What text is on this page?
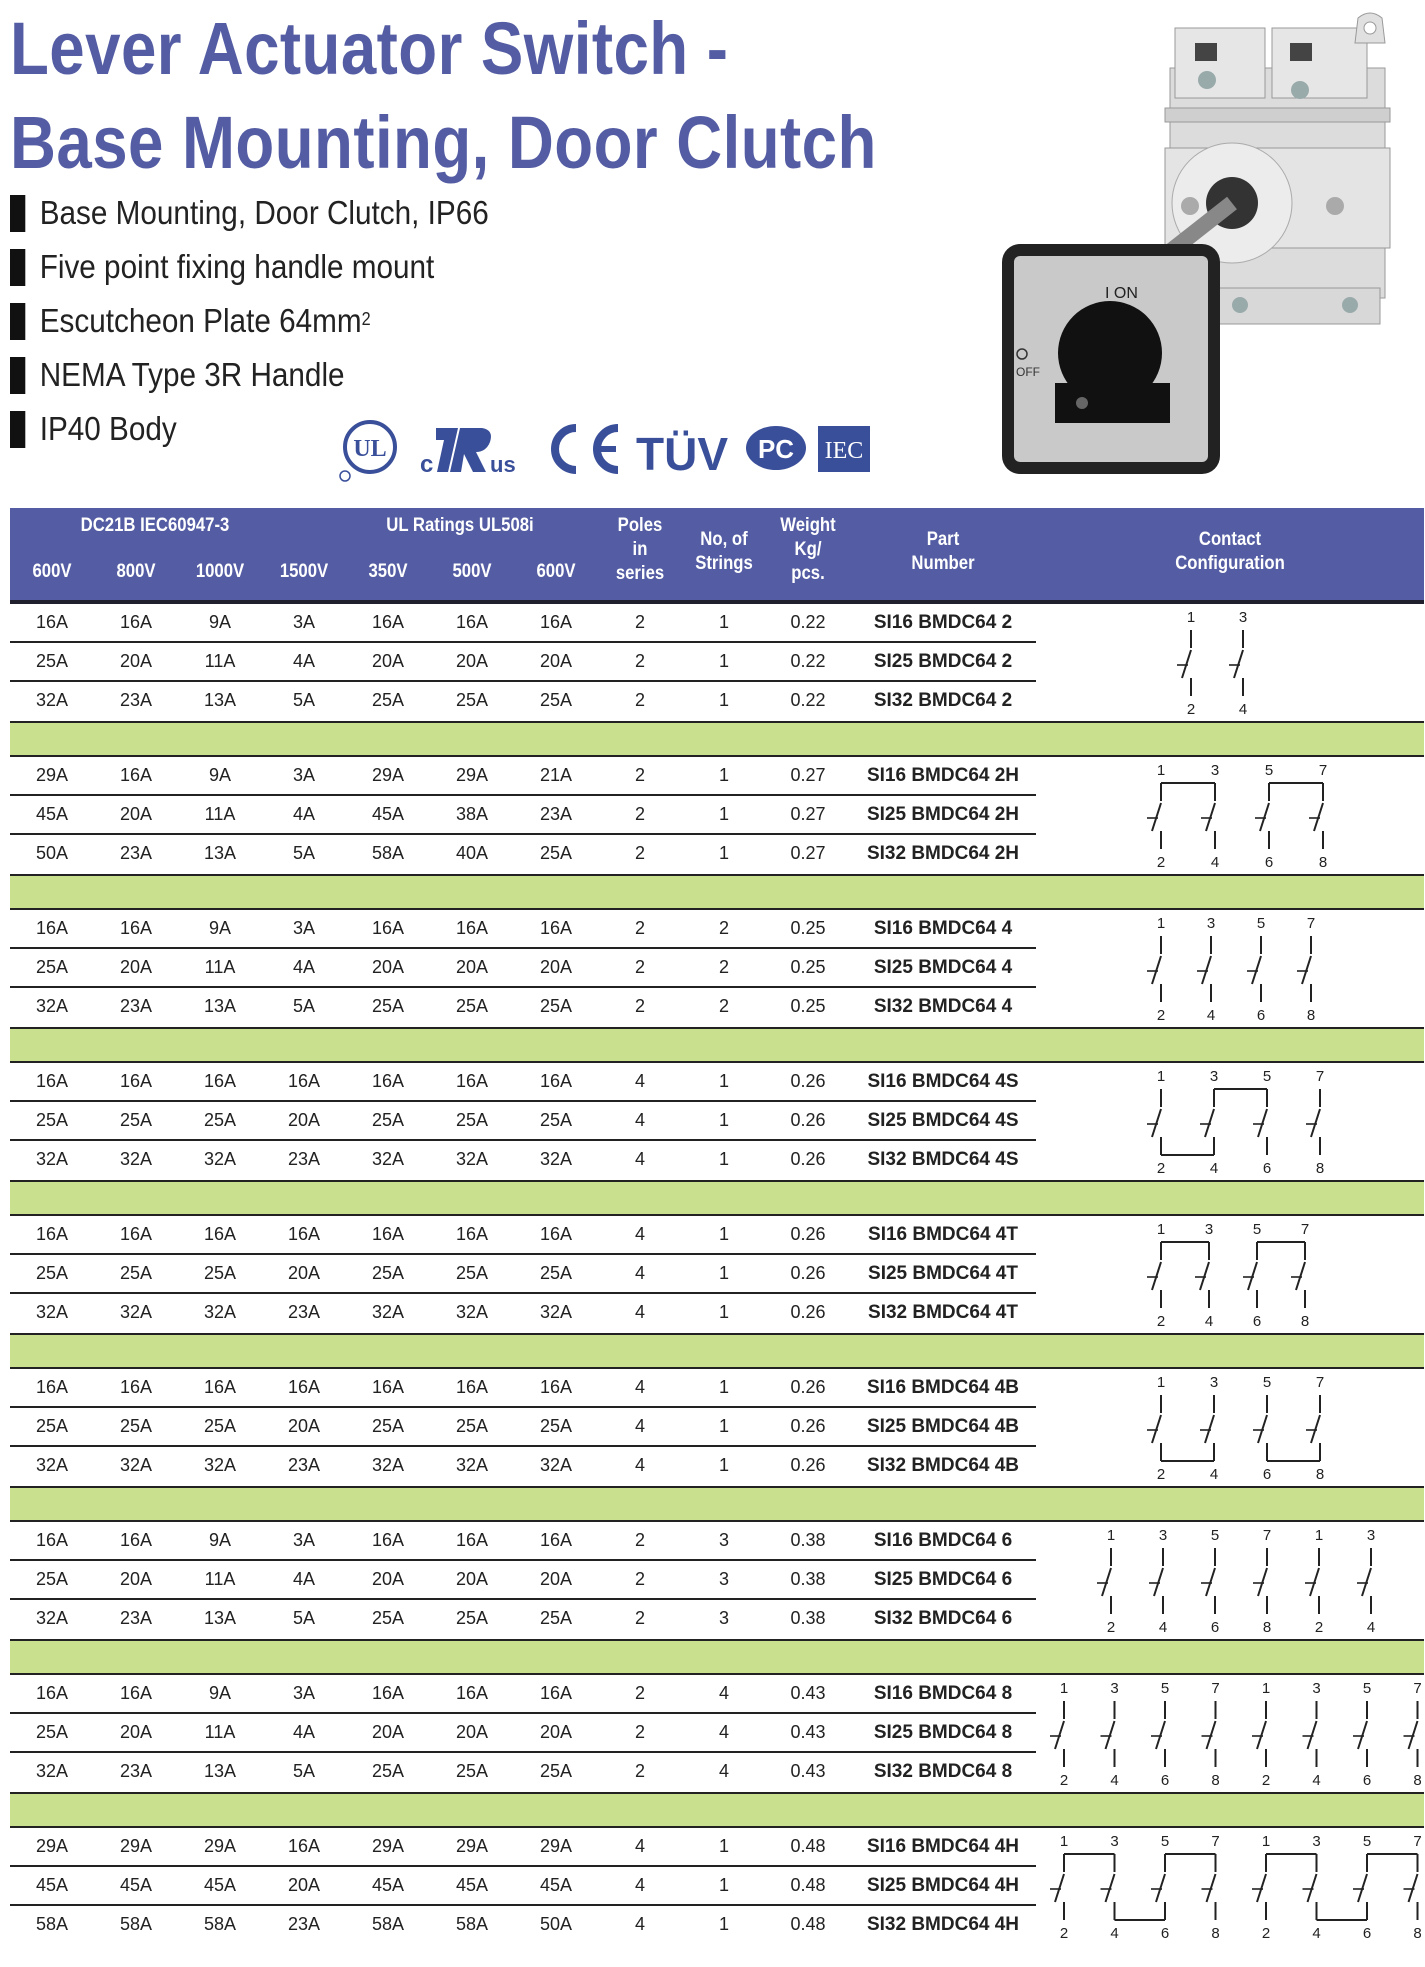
Lever Actuator Switch -
Base Mounting, Door Clutch
Base Mounting, Door Clutch, IP66
Five point fixing handle mount
Escutcheon Plate $64mm^2$
NEMA Type 3R Handle
IP40 Body
UL
c	us	TÜV PC IEC
I ON
OFF
DC21B IEC60947-3	UL Ratings UL508i
600V	800V	1000V	1500V	350V	500V	600V
Poles
in
series
No, of
Strings
Weight
Kg/
pcs.
Part
Number
Contact
Configuration
16A	16A	9A	3A	16A	16A	16A	2	1	0.22	SI16 BMDC64 2
25A	20A	11A	4A	20A	20A	20A	2	1	0.22	SI25 BMDC64 2
32A	23A	13A	5A	25A	25A	25A	2	1	0.22	SI32 BMDC64 2
1
2
3
4
29A	16A	9A	3A	29A	29A	21A	2	1	0.27	SI16 BMDC64 2H
45A	20A	11A	4A	45A	38A	23A	2	1	0.27	SI25 BMDC64 2H
50A	23A	13A	5A	58A	40A	25A	2	1	0.27	SI32 BMDC64 2H
1
2
3
4
5
6
7
8
16A	16A	9A	3A	16A	16A	16A	2	2	0.25	SI16 BMDC64 4
25A	20A	11A	4A	20A	20A	20A	2	2	0.25	SI25 BMDC64 4
32A	23A	13A	5A	25A	25A	25A	2	2	0.25	SI32 BMDC64 4
1
2
3
4
5
6
7
8
16A	16A	16A	16A	16A	16A	16A	4	1	0.26	SI16 BMDC64 4S
25A	25A	25A	20A	25A	25A	25A	4	1	0.26	SI25 BMDC64 4S
32A	32A	32A	23A	32A	32A	32A	4	1	0.26	SI32 BMDC64 4S
1
2
3
4
5
6
7
8
16A	16A	16A	16A	16A	16A	16A	4	1	0.26	SI16 BMDC64 4T
25A	25A	25A	20A	25A	25A	25A	4	1	0.26	SI25 BMDC64 4T
32A	32A	32A	23A	32A	32A	32A	4	1	0.26	SI32 BMDC64 4T
1
2
3
4
5
6
7
8
16A	16A	16A	16A	16A	16A	16A	4	1	0.26	SI16 BMDC64 4B
25A	25A	25A	20A	25A	25A	25A	4	1	0.26	SI25 BMDC64 4B
32A	32A	32A	23A	32A	32A	32A	4	1	0.26	SI32 BMDC64 4B
1
2
3
4
5
6
7
8
16A	16A	9A	3A	16A	16A	16A	2	3	0.38	SI16 BMDC64 6
25A	20A	11A	4A	20A	20A	20A	2	3	0.38	SI25 BMDC64 6
32A	23A	13A	5A	25A	25A	25A	2	3	0.38	SI32 BMDC64 6
1
2
3
4
5
6
7
8
1
2
3
4
16A	16A	9A	3A	16A	16A	16A	2	4	0.43	SI16 BMDC64 8
25A	20A	11A	4A	20A	20A	20A	2	4	0.43	SI25 BMDC64 8
32A	23A	13A	5A	25A	25A	25A	2	4	0.43	SI32 BMDC64 8
1
2
3
4
5
6
7
8
1
2
3
4
5
6
7
8
29A	29A	29A	16A	29A	29A	29A	4	1	0.48	SI16 BMDC64 4H
45A	45A	45A	20A	45A	45A	45A	4	1	0.48	SI25 BMDC64 4H
58A	58A	58A	23A	58A	58A	50A	4	1	0.48	SI32 BMDC64 4H
1
2
3
4
5
6
7
8
1
2
3
4
5
6
7
8
